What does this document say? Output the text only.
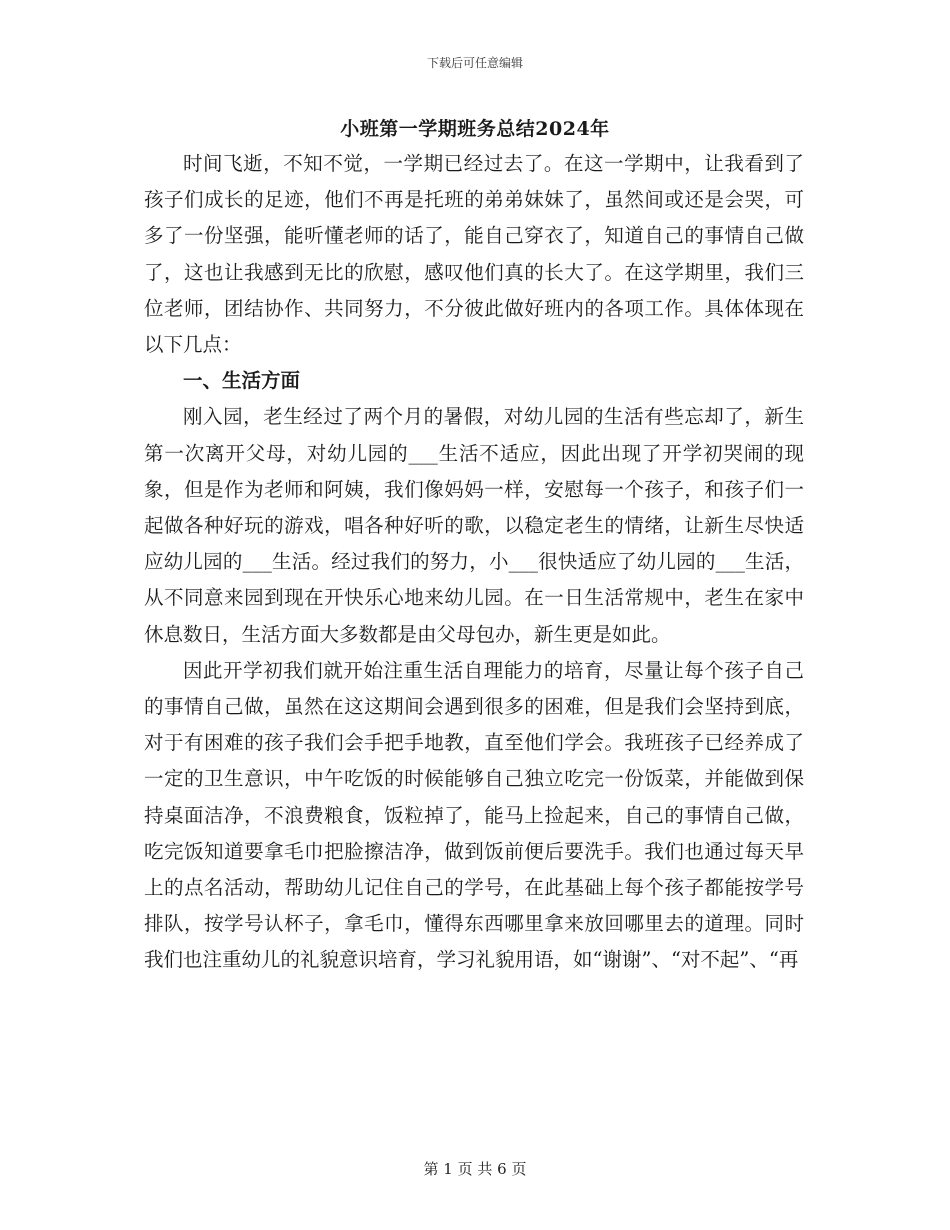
下载后可任意编辑
小班第一学期班务总结2024年

时间飞逝，不知不觉，一学期已经过去了。在这一学期中，让我看到了孩子们成长的足迹，他们不再是托班的弟弟妹妹了，虽然间或还是会哭，可多了一份坚强，能听懂老师的话了，能自己穿衣了，知道自己的事情自己做了，这也让我感到无比的欣慰，感叹他们真的长大了。在这学期里，我们三位老师，团结协作、共同努力，不分彼此做好班内的各项工作。具体体现在以下几点：

一、生活方面

刚入园，老生经过了两个月的暑假，对幼儿园的生活有些忘却了，新生第一次离开父母，对幼儿园的___生活不适应，因此出现了开学初哭闹的现象，但是作为老师和阿姨，我们像妈妈一样，安慰每一个孩子，和孩子们一起做各种好玩的游戏，唱各种好听的歌，以稳定老生的情绪，让新生尽快适应幼儿园的___生活。经过我们的努力，小___很快适应了幼儿园的___生活，从不同意来园到现在开快乐心地来幼儿园。在一日生活常规中，老生在家中休息数日，生活方面大多数都是由父母包办，新生更是如此。

因此开学初我们就开始注重生活自理能力的培育，尽量让每个孩子自己的事情自己做，虽然在这这期间会遇到很多的困难，但是我们会坚持到底，对于有困难的孩子我们会手把手地教，直至他们学会。我班孩子已经养成了一定的卫生意识，中午吃饭的时候能够自己独立吃完一份饭菜，并能做到保持桌面洁净，不浪费粮食，饭粒掉了，能马上捡起来，自己的事情自己做，吃完饭知道要拿毛巾把脸擦洁净，做到饭前便后要洗手。我们也通过每天早上的点名活动，帮助幼儿记住自己的学号，在此基础上每个孩子都能按学号排队，按学号认杯子，拿毛巾，懂得东西哪里拿来放回哪里去的道理。同时我们也注重幼儿的礼貌意识培育，学习礼貌用语，如“谢谢”、“对不起”、“再

第 1 页 共 6 页
